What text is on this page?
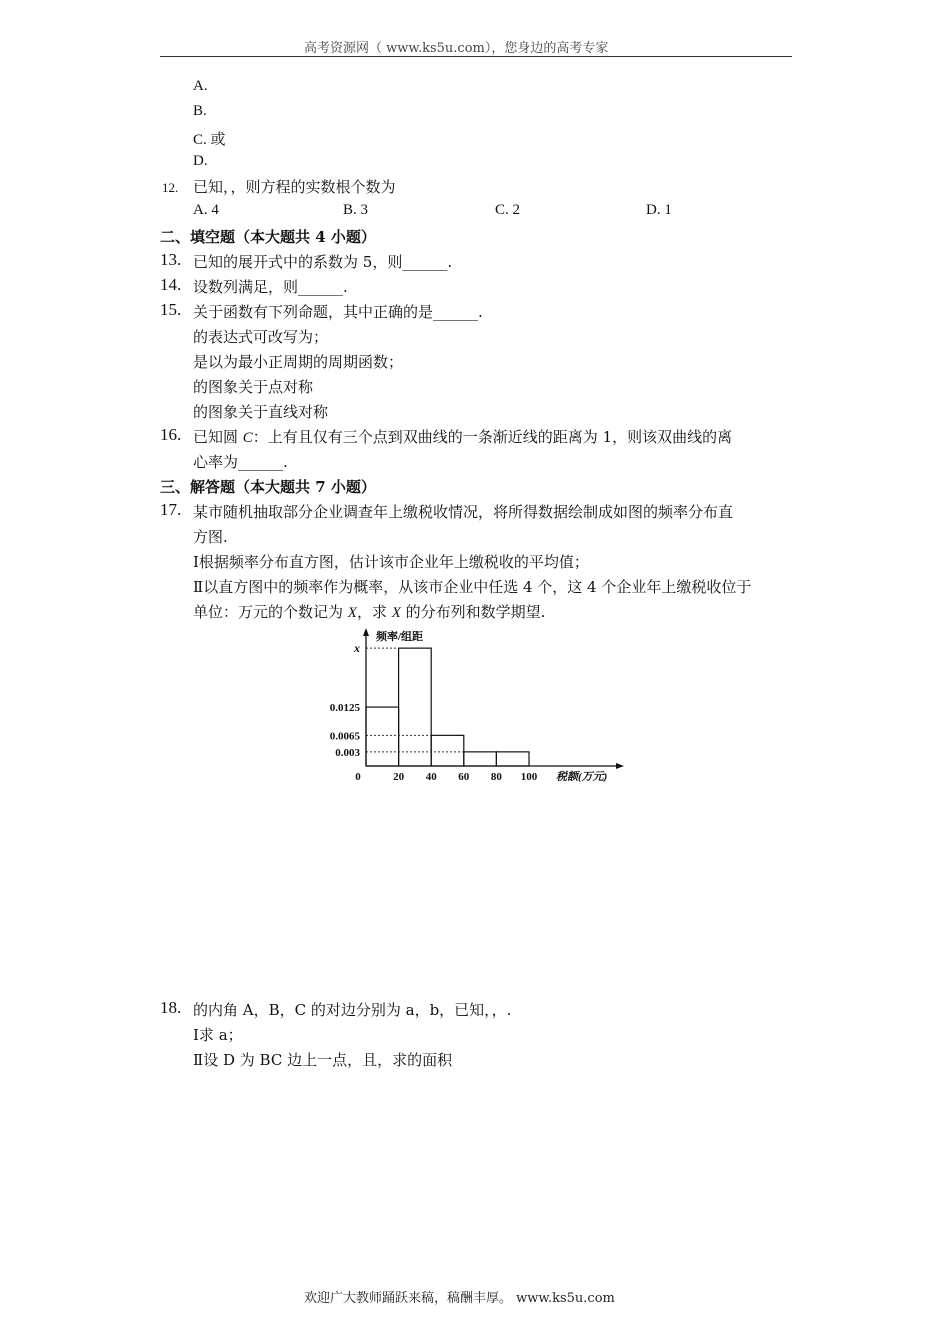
高考资源网（ www.ks5u.com），您身边的高考专家
A.
B.
C. 或
D.
12. 已知，，则方程的实数根个数为
A. 4	B. 3	C. 2	D. 1
二、填空题（本大题共 4 小题）
13. 已知的展开式中的系数为 5，则______.
14. 设数列满足，则______.
15. 关于函数有下列命题，其中正确的是______.
的表达式可改写为；
是以为最小正周期的周期函数；
的图象关于点对称
的图象关于直线对称
16. 已知圆 C：上有且仅有三个点到双曲线的一条渐近线的距离为 1，则该双曲线的离
心率为______.
三、解答题（本大题共 7 小题）
17. 某市随机抽取部分企业调查年上缴税收情况，将所得数据绘制成如图的频率分布直
方图.
Ⅰ根据频率分布直方图，估计该市企业年上缴税收的平均值；
Ⅱ以直方图中的频率作为概率，从该市企业中任选 4 个，这 4 个企业年上缴税收位于
单位：万元的个数记为 X，求 X 的分布列和数学期望.
x
0.0125
0.0065
0.003
0	20 40 60 80 100
频率/组距
税额(万元)
18. 的内角 A，B，C 的对边分别为 a，b，已知，，.
Ⅰ求 a；
Ⅱ设 D 为 BC 边上一点，且，求的面积
欢迎广大教师踊跃来稿，稿酬丰厚。 www.ks5u.com
